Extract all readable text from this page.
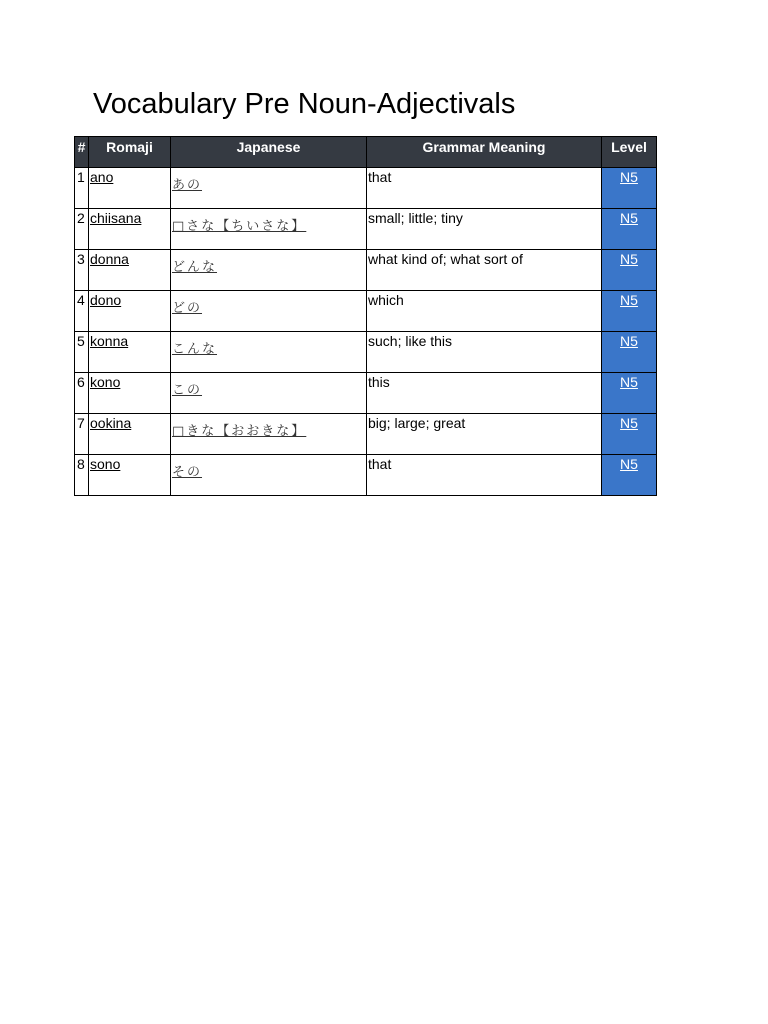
Vocabulary Pre Noun-Adjectivals
#	Romaji	Japanese	Grammar Meaning	Level
1	ano	あの	that	N5
2	chiisana	□さな【ちいさな】	small; little; tiny	N5
3	donna	どんな	what kind of; what sort of	N5
4	dono	どの	which	N5
5	konna	こんな	such; like this	N5
6	kono	この	this	N5
7	ookina	□きな【おおきな】	big; large; great	N5
8	sono	その	that	N5
